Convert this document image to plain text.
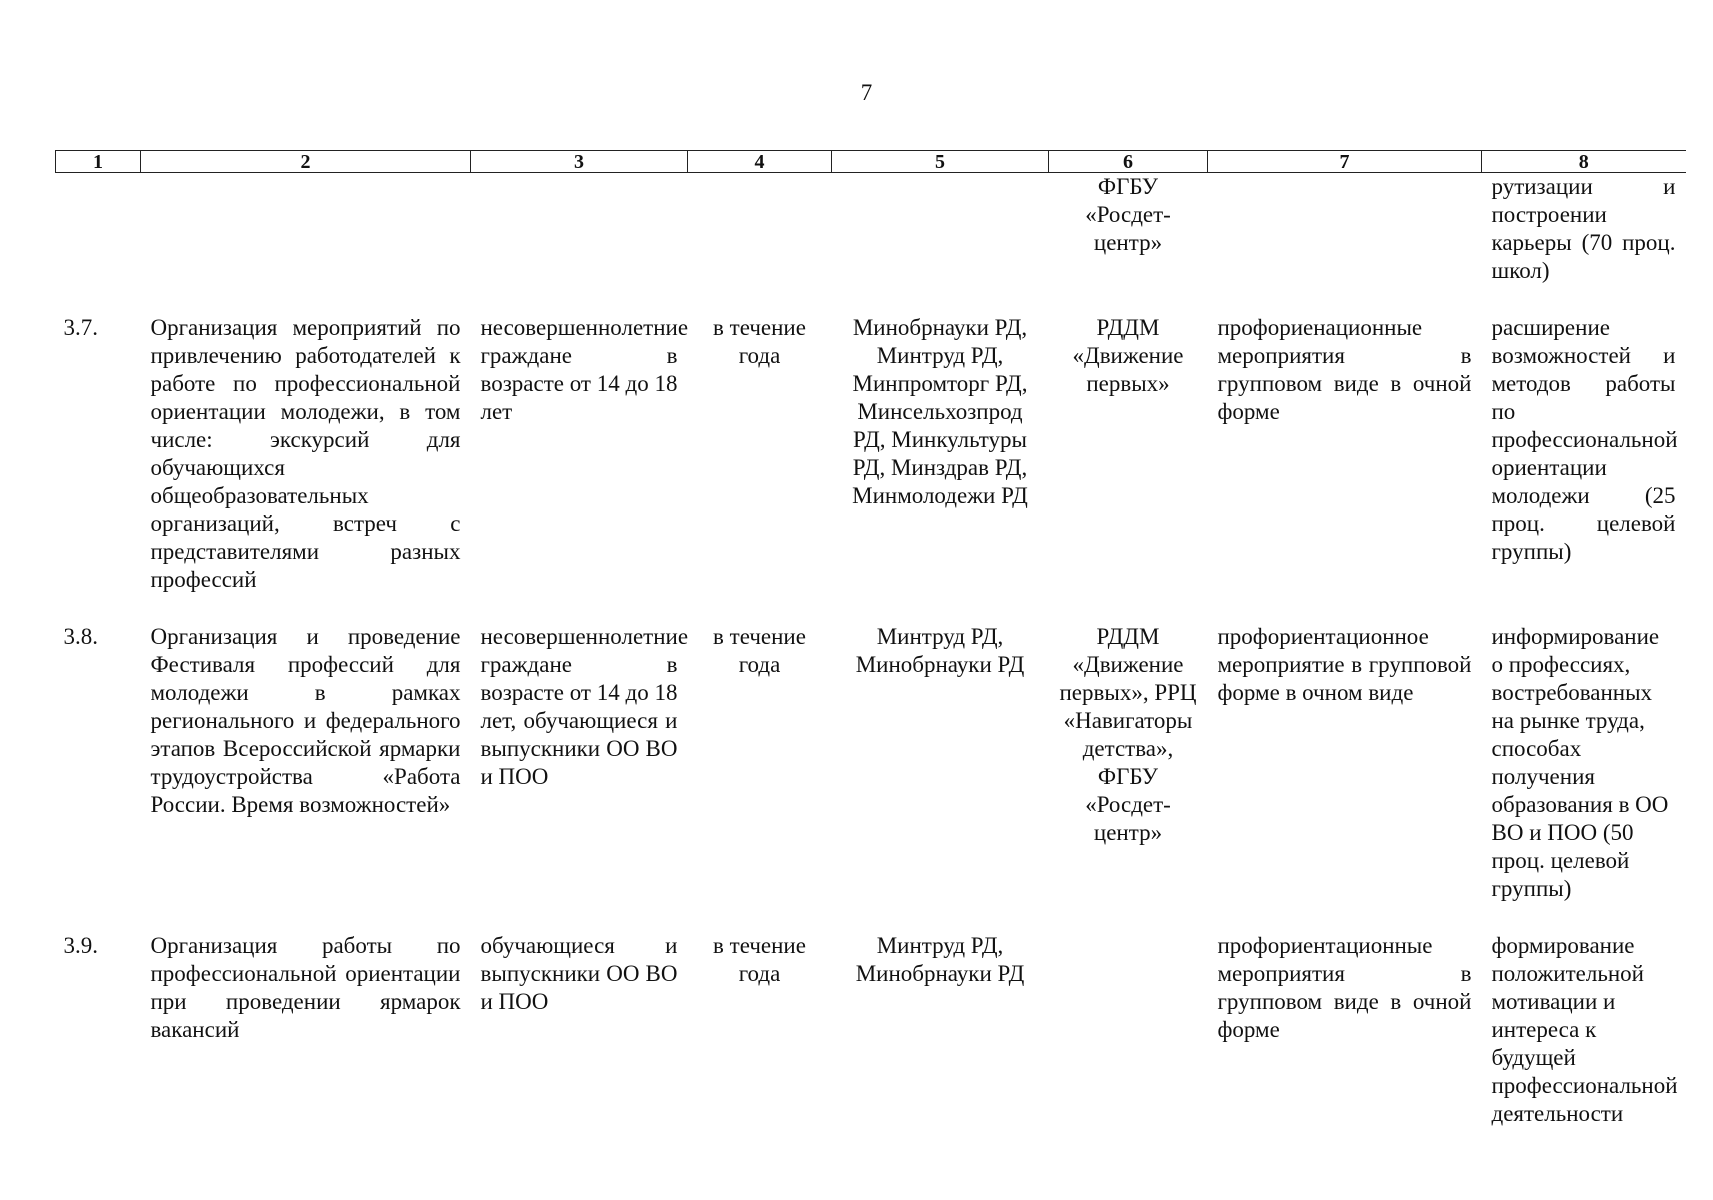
7
1	2	3	4	5	6	7	8
					ФГБУ «Росдет-центр»		рутизации и построении карьеры (70 проц. школ)
3.7.	Организация мероприятий по привлечению работодателей к работе по профессиональной ориентации молодежи, в том числе: экскурсий для обучающихся общеобразовательных организаций, встреч с представителями разных профессий	несовершеннолетние граждане в возрасте от 14 до 18 лет	в течение года	Минобрнауки РД, Минтруд РД, Минпромторг РД, Минсельхозпрод РД, Минкультуры РД, Минздрав РД, Минмолодежи РД	РДДМ «Движение первых»	профориенационные мероприятия в групповом виде в очной форме	расширение возможностей и методов работы по профессиональной ориентации молодежи (25 проц. целевой группы)
3.8.	Организация и проведение Фестиваля профессий для молодежи в рамках регионального и федерального этапов Всероссийской ярмарки трудоустройства «Работа России. Время возможностей»	несовершеннолетние граждане в возрасте от 14 до 18 лет, обучающиеся и выпускники ОО ВО и ПОО	в течение года	Минтруд РД, Минобрнауки РД	РДДМ «Движение первых», РРЦ «Навигаторы детства», ФГБУ «Росдет-центр»	профориентационное мероприятие в групповой форме в очном виде	информирование о профессиях, востребованных на рынке труда, способах получения образования в ОО ВО и ПОО (50 проц. целевой группы)
3.9.	Организация работы по профессиональной ориентации при проведении ярмарок вакансий	обучающиеся и выпускники ОО ВО и ПОО	в течение года	Минтруд РД, Минобрнауки РД		профориентационные мероприятия в групповом виде в очной форме	формирование положительной мотивации и интереса к будущей профессиональной деятельности
